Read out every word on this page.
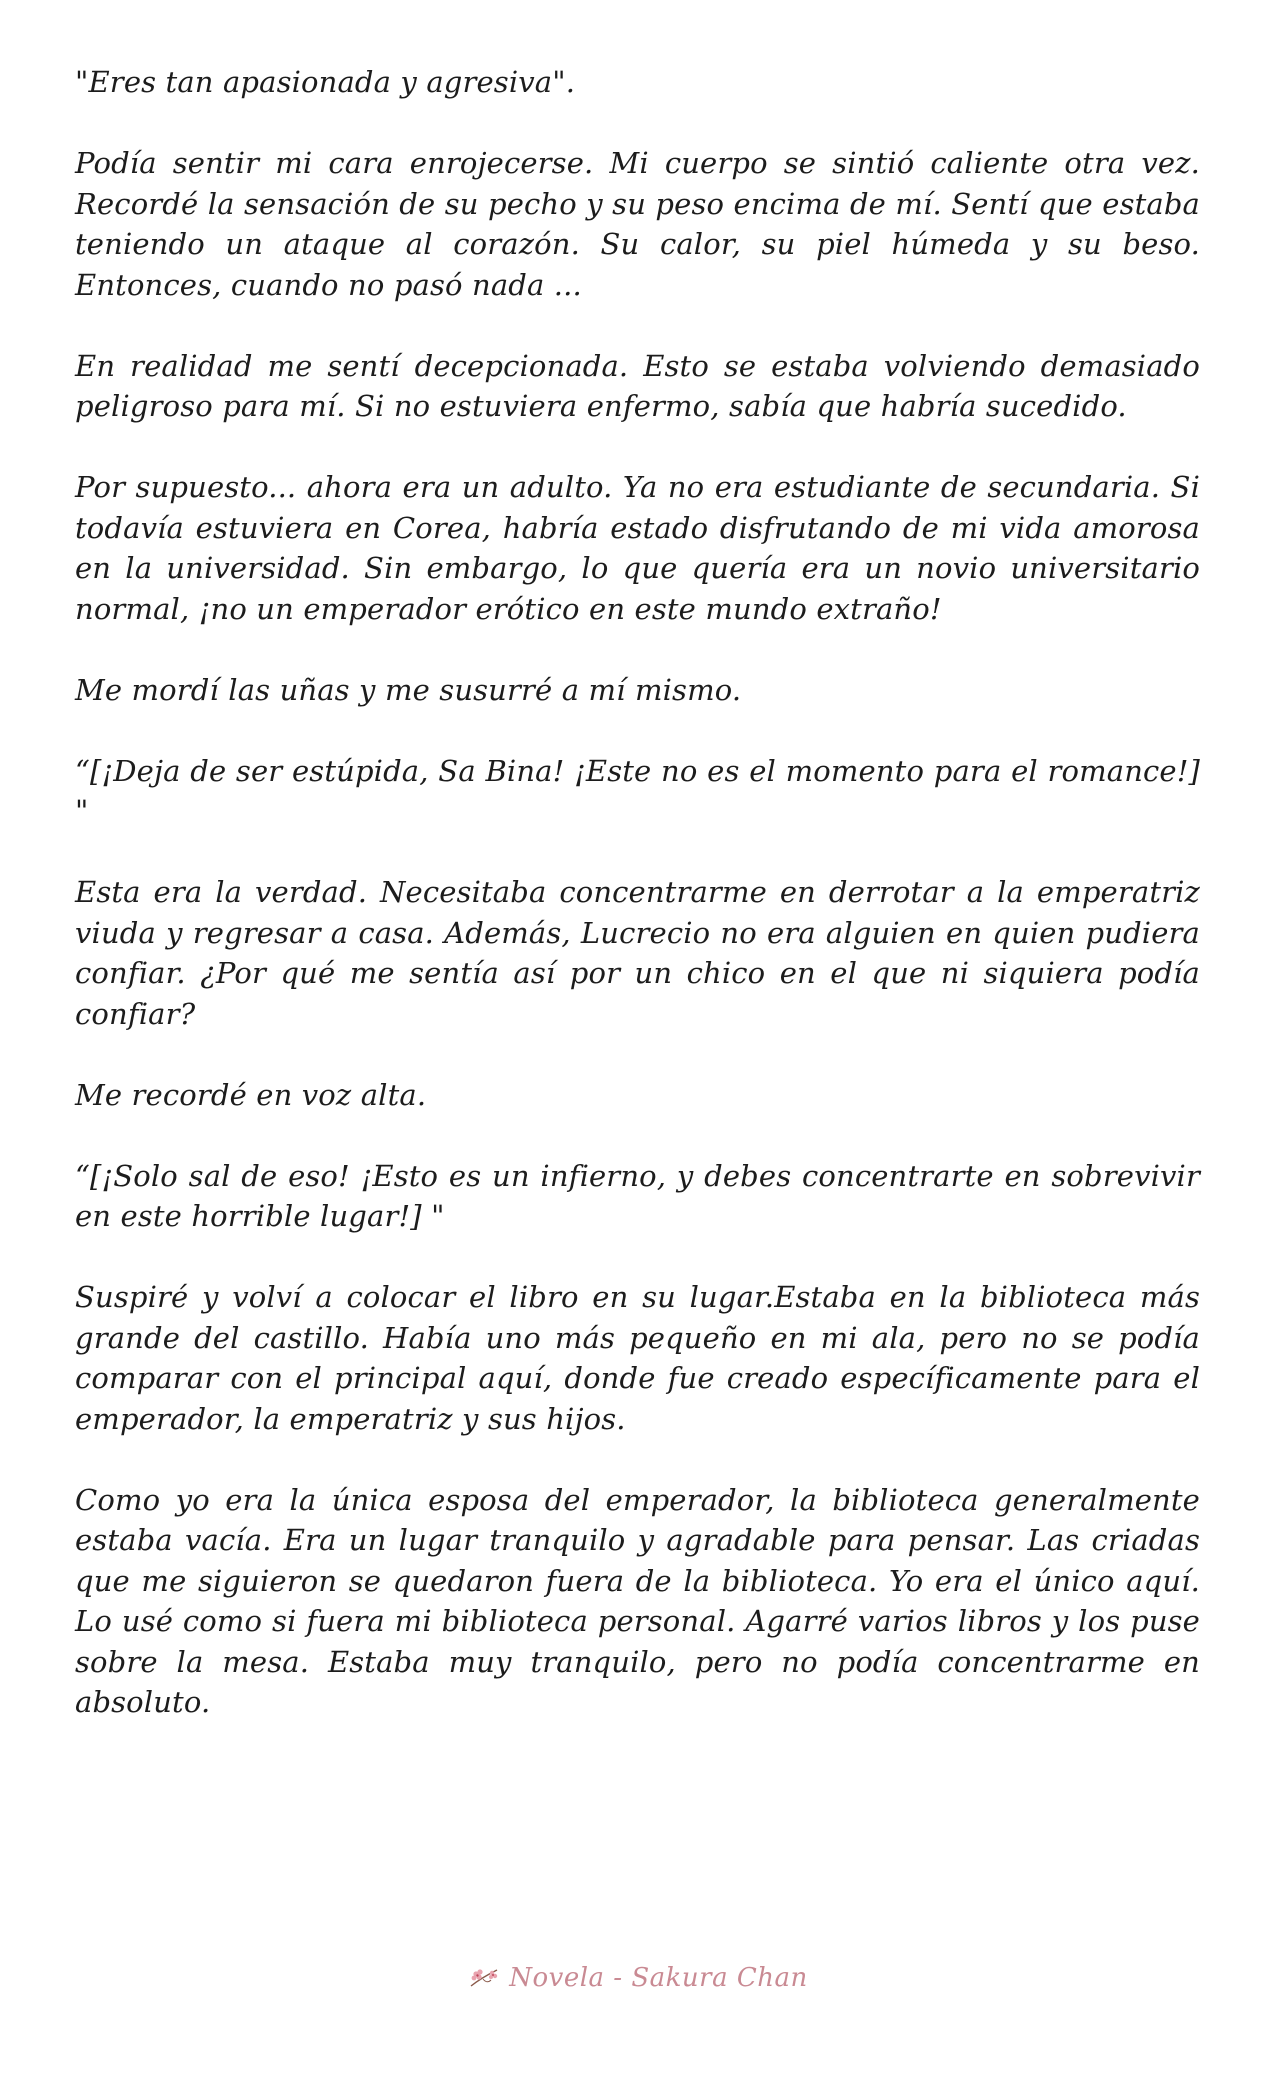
"Eres tan apasionada y agresiva".

Podía sentir mi cara enrojecerse. Mi cuerpo se sintió caliente otra vez. Recordé la sensación de su pecho y su peso encima de mí. Sentí que estaba teniendo un ataque al corazón. Su calor, su piel húmeda y su beso. Entonces, cuando no pasó nada ...

En realidad me sentí decepcionada. Esto se estaba volviendo demasiado peligroso para mí. Si no estuviera enfermo, sabía que habría sucedido.

Por supuesto... ahora era un adulto. Ya no era estudiante de secundaria. Si todavía estuviera en Corea, habría estado disfrutando de mi vida amorosa en la universidad. Sin embargo, lo que quería era un novio universitario normal, ¡no un emperador erótico en este mundo extraño!

Me mordí las uñas y me susurré a mí mismo.

“[¡Deja de ser estúpida, Sa Bina! ¡Este no es el momento para el romance!] "

Esta era la verdad. Necesitaba concentrarme en derrotar a la emperatriz viuda y regresar a casa. Además, Lucrecio no era alguien en quien pudiera confiar. ¿Por qué me sentía así por un chico en el que ni siquiera podía confiar?

Me recordé en voz alta.

“[¡Solo sal de eso! ¡Esto es un infierno, y debes concentrarte en sobrevivir en este horrible lugar!] "

Suspiré y volví a colocar el libro en su lugar.Estaba en la biblioteca más grande del castillo. Había uno más pequeño en mi ala, pero no se podía comparar con el principal aquí, donde fue creado específicamente para el emperador, la emperatriz y sus hijos.

Como yo era la única esposa del emperador, la biblioteca generalmente estaba vacía. Era un lugar tranquilo y agradable para pensar. Las criadas que me siguieron se quedaron fuera de la biblioteca. Yo era el único aquí. Lo usé como si fuera mi biblioteca personal. Agarré varios libros y los puse sobre la mesa. Estaba muy tranquilo, pero no podía concentrarme en absoluto.

Novela - Sakura Chan
